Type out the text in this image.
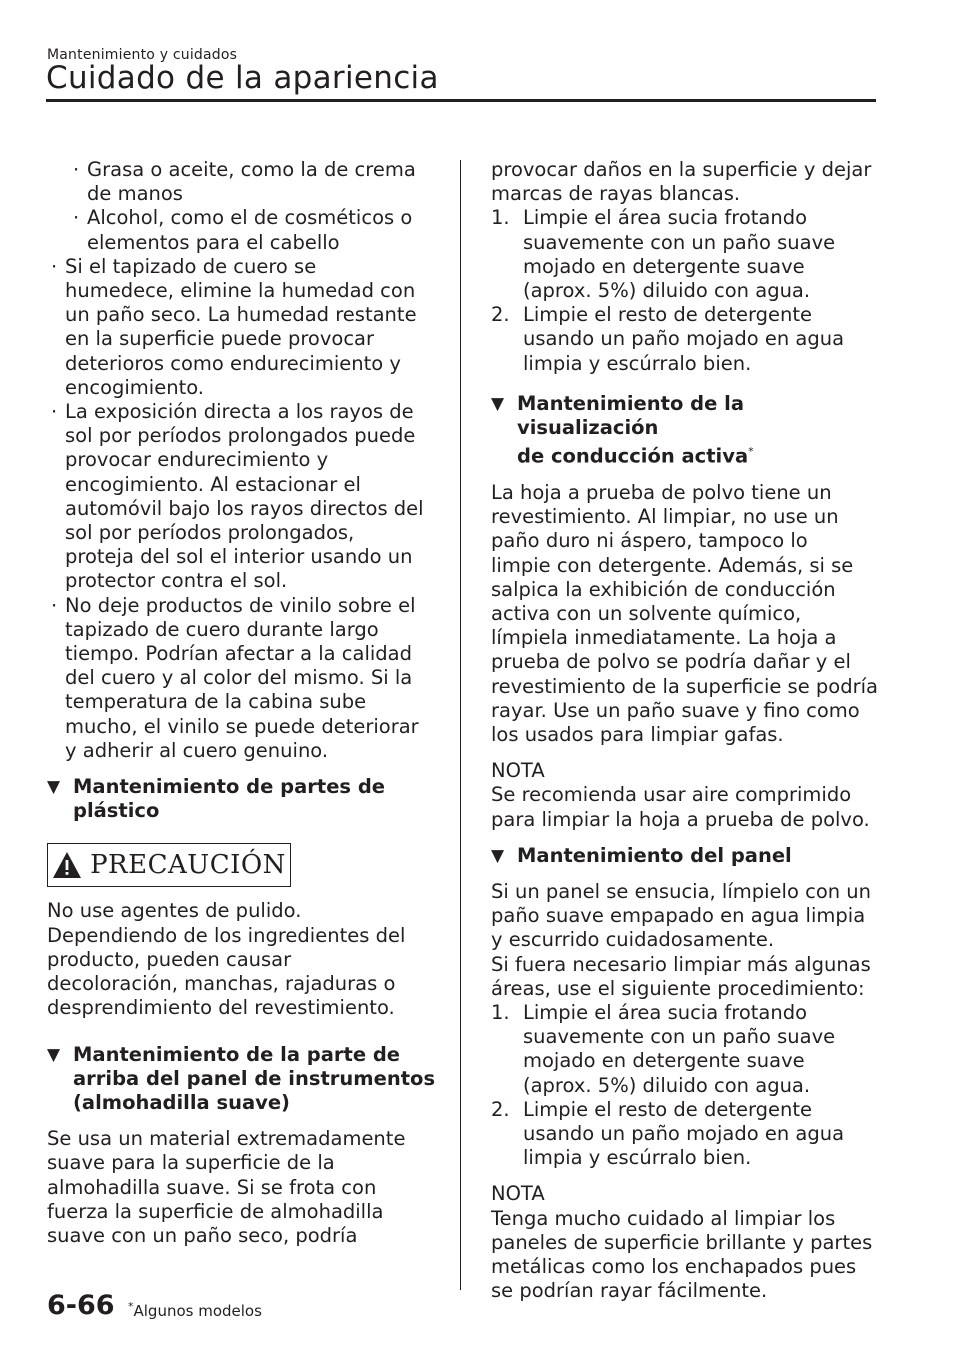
Mantenimiento y cuidados
Cuidado de la apariencia
· Grasa o aceite, como la de crema
de manos
· Alcohol, como el de cosméticos o
elementos para el cabello
· Si el tapizado de cuero se
humedece, elimine la humedad con
un paño seco. La humedad restante
en la superficie puede provocar
deterioros como endurecimiento y
encogimiento.
· La exposición directa a los rayos de
sol por períodos prolongados puede
provocar endurecimiento y
encogimiento. Al estacionar el
automóvil bajo los rayos directos del
sol por períodos prolongados,
proteja del sol el interior usando un
protector contra el sol.
· No deje productos de vinilo sobre el
tapizado de cuero durante largo
tiempo. Podrían afectar a la calidad
del cuero y al color del mismo. Si la
temperatura de la cabina sube
mucho, el vinilo se puede deteriorar
y adherir al cuero genuino.
▼ Mantenimiento de partes de
plástico
PRECAUCIÓN
No use agentes de pulido.
Dependiendo de los ingredientes del
producto, pueden causar
decoloración, manchas, rajaduras o
desprendimiento del revestimiento.
▼ Mantenimiento de la parte de
arriba del panel de instrumentos
(almohadilla suave)
Se usa un material extremadamente
suave para la superficie de la
almohadilla suave. Si se frota con
fuerza la superficie de almohadilla
suave con un paño seco, podría
provocar daños en la superficie y dejar
marcas de rayas blancas.
1. Limpie el área sucia frotando
suavemente con un paño suave
mojado en detergente suave
(aprox. 5%) diluido con agua.
2. Limpie el resto de detergente
usando un paño mojado en agua
limpia y escúrralo bien.
▼ Mantenimiento de la visualización
de conducción activa*
La hoja a prueba de polvo tiene un
revestimiento. Al limpiar, no use un
paño duro ni áspero, tampoco lo
limpie con detergente. Además, si se
salpica la exhibición de conducción
activa con un solvente químico,
límpiela inmediatamente. La hoja a
prueba de polvo se podría dañar y el
revestimiento de la superficie se podría
rayar. Use un paño suave y fino como
los usados para limpiar gafas.
NOTA
Se recomienda usar aire comprimido
para limpiar la hoja a prueba de polvo.
▼ Mantenimiento del panel
Si un panel se ensucia, límpielo con un
paño suave empapado en agua limpia
y escurrido cuidadosamente.
Si fuera necesario limpiar más algunas
áreas, use el siguiente procedimiento:
1. Limpie el área sucia frotando
suavemente con un paño suave
mojado en detergente suave
(aprox. 5%) diluido con agua.
2. Limpie el resto de detergente
usando un paño mojado en agua
limpia y escúrralo bien.
NOTA
Tenga mucho cuidado al limpiar los
paneles de superficie brillante y partes
metálicas como los enchapados pues
se podrían rayar fácilmente.
6-66 *Algunos modelos
